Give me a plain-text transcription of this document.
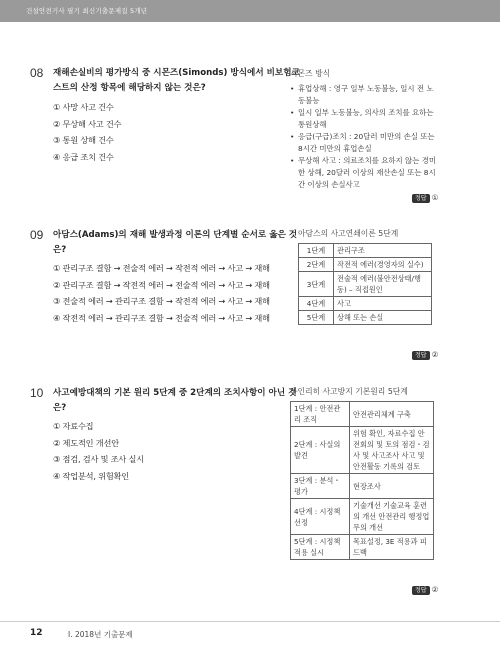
건설안전기사 필기 최신기출문제집 5개년
08 재해손실비의 평가방식 중 시몬즈(Simonds) 방식에서 비보험코스트의 산정 항목에 해당하지 않는 것은?
① 사망 사고 건수
② 무상해 사고 건수
③ 통원 상해 건수
④ 응급 조치 건수
시몬즈 방식
• 휴업상해 : 영구 일부 노동불능, 일시 전 노동불능
• 일시 일부 노동불능, 의사의 조치를 요하는 통원상해
• 응급(구급)조치 : 20달러 미만의 손실 또는 8시간 미만의 휴업손실
• 무상해 사고 : 의료조치를 요하지 않는 경미한 상해, 20달러 이상의 재산손실 또는 8시간 이상의 손실사고
정답 ①
09 아담스(Adams)의 재해 발생과정 이론의 단계별 순서로 옳은 것은?
① 관리구조 결함 → 전술적 에러 → 작전적 에러 → 사고 → 재해
② 관리구조 결함 → 작전적 에러 → 전술적 에러 → 사고 → 재해
③ 전술적 에러 → 관리구조 결함 → 작전적 에러 → 사고 → 재해
④ 작전적 에러 → 관리구조 결함 → 전술적 에러 → 사고 → 재해
아담스의 사고연쇄이론 5단계
1단계	관리구조
2단계	작전적 에러(경영자의 실수)
3단계	전술적 에러(불안전상태/행동) – 직접원인
4단계	사고
5단계	상해 또는 손실
정답 ②
10 사고예방대책의 기본 원리 5단계 중 2단계의 조치사항이 아닌 것은?
① 자료수집
② 제도적인 개선안
③ 점검, 검사 및 조사 실시
④ 작업분석, 위험확인
하인리히 사고방지 기본원리 5단계
1단계 : 안전관리 조직	안전관리체계 구축
2단계 : 사실의 발견	위험 확인, 자료수집 안전회의 및 토의 점검・검사 및 사고조사 사고 및 안전활동 기록의 검토
3단계 : 분석・평가	현장조사
4단계 : 시정책 선정	기술개선 기술교육 훈련의 개선 안전관리 행정업무의 개선
5단계 : 시정책 적용 실시	목표설정, 3E 적용과 피드백
정답 ②
12	Ⅰ. 2018년 기출문제
